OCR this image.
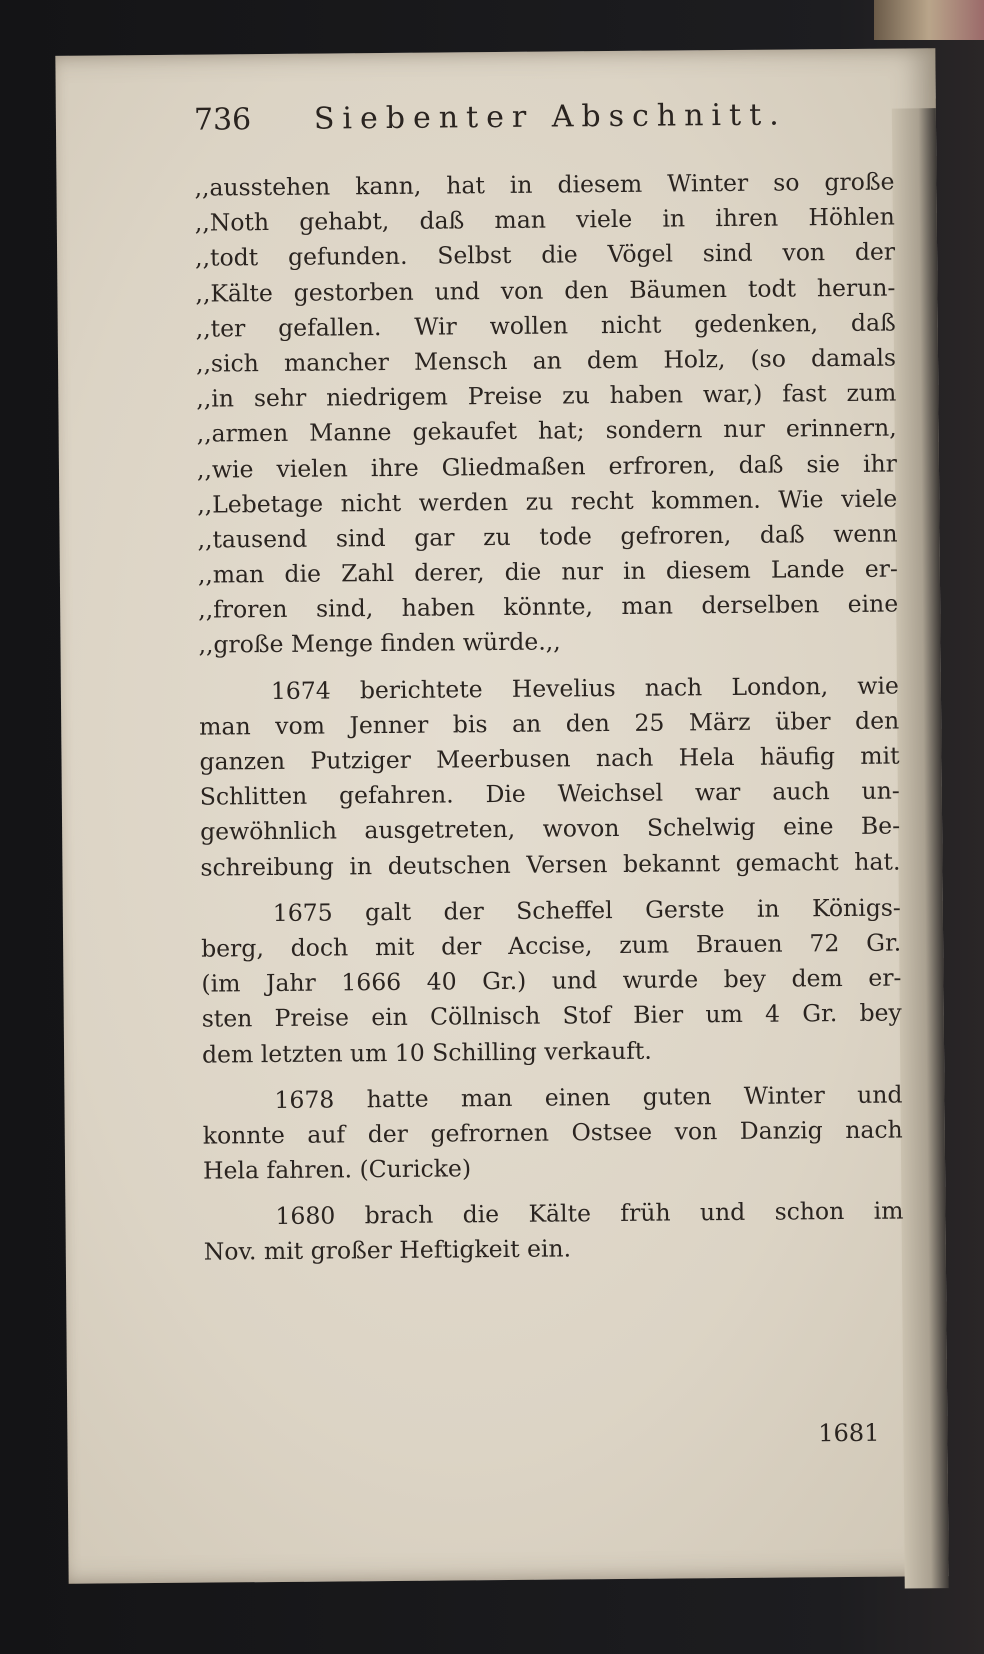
736	Siebenter Abschnitt.
,,ausstehen kann, hat in diesem Winter so große
,,Noth gehabt, daß man viele in ihren Höhlen
,,todt gefunden. Selbst die Vögel sind von der
,,Kälte gestorben und von den Bäumen todt herun-
,,ter gefallen. Wir wollen nicht gedenken, daß
,,sich mancher Mensch an dem Holz, (so damals
,,in sehr niedrigem Preise zu haben war,) fast zum
,,armen Manne gekaufet hat; sondern nur erinnern,
,,wie vielen ihre Gliedmaßen erfroren, daß sie ihr
,,Lebetage nicht werden zu recht kommen. Wie viele
,,tausend sind gar zu tode gefroren, daß wenn
,,man die Zahl derer, die nur in diesem Lande er-
,,froren sind, haben könnte, man derselben eine
,,große Menge finden würde.,,
1674 berichtete Hevelius nach London, wie
man vom Jenner bis an den 25 März über den
ganzen Putziger Meerbusen nach Hela häufig mit
Schlitten gefahren. Die Weichsel war auch un-
gewöhnlich ausgetreten, wovon Schelwig eine Be-
schreibung in deutschen Versen bekannt gemacht hat.
1675 galt der Scheffel Gerste in Königs-
berg, doch mit der Accise, zum Brauen 72 Gr.
(im Jahr 1666 40 Gr.) und wurde bey dem er-
sten Preise ein Cöllnisch Stof Bier um 4 Gr. bey
dem letzten um 10 Schilling verkauft.
1678 hatte man einen guten Winter und
konnte auf der gefrornen Ostsee von Danzig nach
Hela fahren. (Curicke)
1680 brach die Kälte früh und schon im
Nov. mit großer Heftigkeit ein.
1681
